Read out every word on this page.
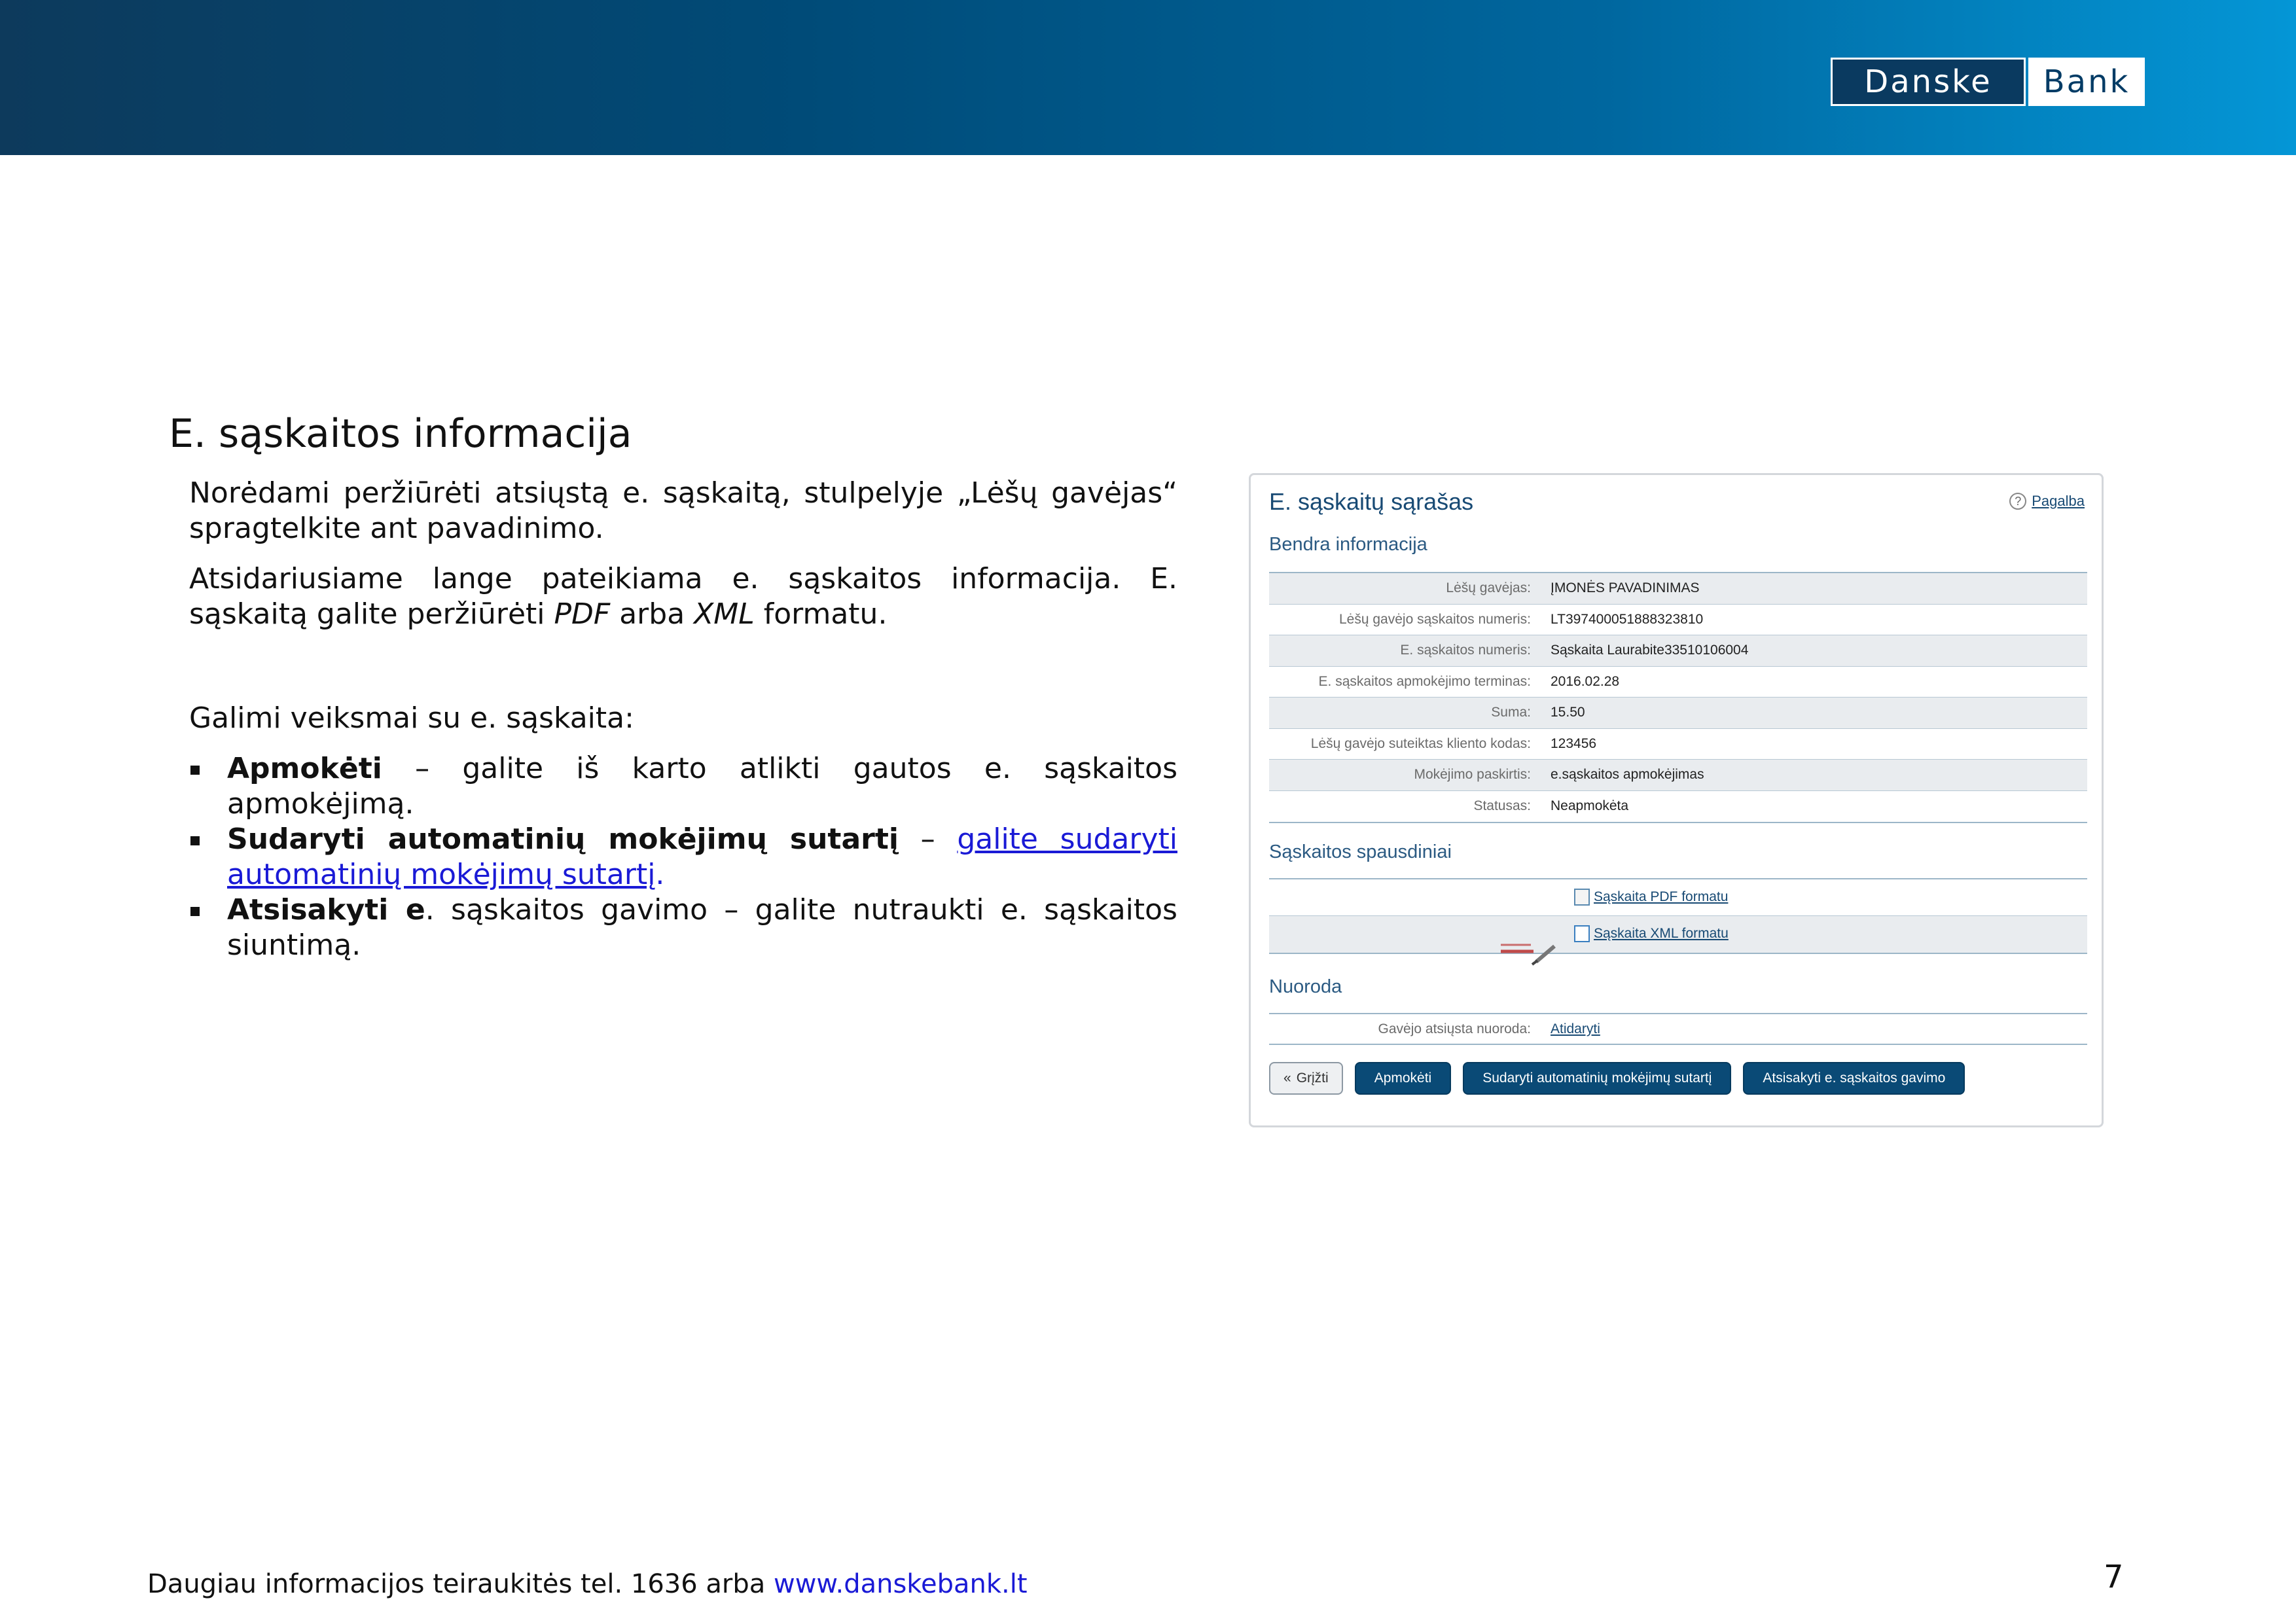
Danske	Bank
E. sąskaitos informacija

Norėdami peržiūrėti atsiųstą e. sąskaitą, stulpelyje „Lėšų gavėjas“ spragtelkite ant pavadinimo.

Atsidariusiame lange pateikiama e. sąskaitos informacija. E. sąskaitą galite peržiūrėti PDF arba XML formatu.

Galimi veiksmai su e. sąskaita:

Apmokėti – galite iš karto atlikti gautos e. sąskaitos apmokėjimą.
Sudaryti automatinių mokėjimų sutartį – galite sudaryti automatinių mokėjimų sutartį.
Atsisakyti e. sąskaitos gavimo – galite nutraukti e. sąskaitos siuntimą.
E. sąskaitų sąrašas	? Pagalba
Bendra informacija
Lėšų gavėjas:	ĮMONĖS PAVADINIMAS
Lėšų gavėjo sąskaitos numeris:	LT397400051888323810
E. sąskaitos numeris:	Sąskaita Laurabite33510106004
E. sąskaitos apmokėjimo terminas:	2016.02.28
Suma:	15.50
Lėšų gavėjo suteiktas kliento kodas:	123456
Mokėjimo paskirtis:	e.sąskaitos apmokėjimas
Statusas:	Neapmokėta
Sąskaitos spausdiniai
Sąskaita PDF formatu
Sąskaita XML formatu
Nuoroda
Gavėjo atsiųsta nuoroda:	Atidaryti
« Grįžti	Apmokėti	Sudaryti automatinių mokėjimų sutartį	Atsisakyti e. sąskaitos gavimo
Daugiau informacijos teiraukitės tel. 1636 arba www.danskebank.lt	7
